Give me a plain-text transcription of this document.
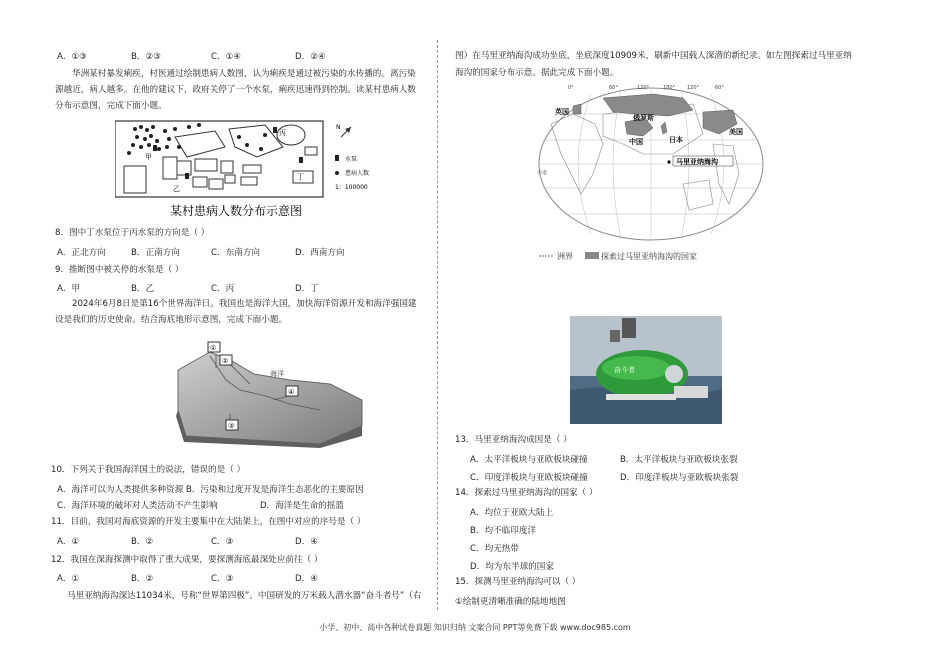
A．①③	B．②③	C．①④	D．②④
华洲某村暴发痢疾，村医通过绘制患病人数图，认为痢疾是通过被污染的水传播的。离污染源越近，病人越多。在他的建议下，政府关停了一个水泵，痢疾迅速得到控制。读某村患病人数分布示意图，完成下面小题。
甲
乙
丙
丁
N
水泵
患病人数
1：100000
某村患病人数分布示意图
8．图中丁水泵位于丙水泵的方向是（ ）
A．正北方向	B．正南方向	C．东南方向	D．西南方向
9．推断图中被关停的水泵是（ ）
A．甲	B．乙	C．丙	D．丁
2024年6月8日是第16个世界海洋日。我国也是海洋大国，加快海洋资源开发和海洋强国建设是我们的历史使命。结合海底地形示意图，完成下面小题。
①
②
④
③
海洋
10．下列关于我国海洋国土的说法，错误的是（ ）
A．海洋可以为人类提供多种资源 B．污染和过度开发是海洋生态恶化的主要原因
C．海洋环境的破坏对人类活动不产生影响	D．海洋是生命的摇篮
11．目前，我国对海底资源的开发主要集中在大陆架上，在图中对应的序号是（ ）
A．①	B．②	C．③	D．④
12．我国在深海探测中取得了重大成果，要探测海底最深处应前往（ ）
A．①	B．②	C．③	D．④
马里亚纳海沟深达11034米，号称“世界第四极”。中国研发的万米载人潜水器“奋斗者号”（右
图）在马里亚纳海沟成功坐底，坐底深度10909米，刷新中国载人深潜的新纪录。如左图探索过马里亚纳
海沟的国家分布示意。据此完成下面小题。
0°	60°	120°	180° 120°	60°
英国
俄罗斯
中国	日本
美国
马里亚纳海沟
赤道
洲界	探索过马里亚纳海沟的国家
奋斗者
13．马里亚纳海沟成因是（ ）
A．太平洋板块与亚欧板块碰撞	B．太平洋板块与亚欧板块张裂
C．印度洋板块与亚欧板块碰撞	D．印度洋板块与亚欧板块张裂
14．探索过马里亚纳海沟的国家（ ）
A．均位于亚欧大陆上
B．均不临印度洋
C．均无热带
D．均为东半球的国家
15．探测马里亚纳海沟可以（ ）
①绘制更清晰准确的陆地地图
小学、初中、高中各种试卷真题 知识归纳 文案合同 PPT等免费下载 www.doc985.com
